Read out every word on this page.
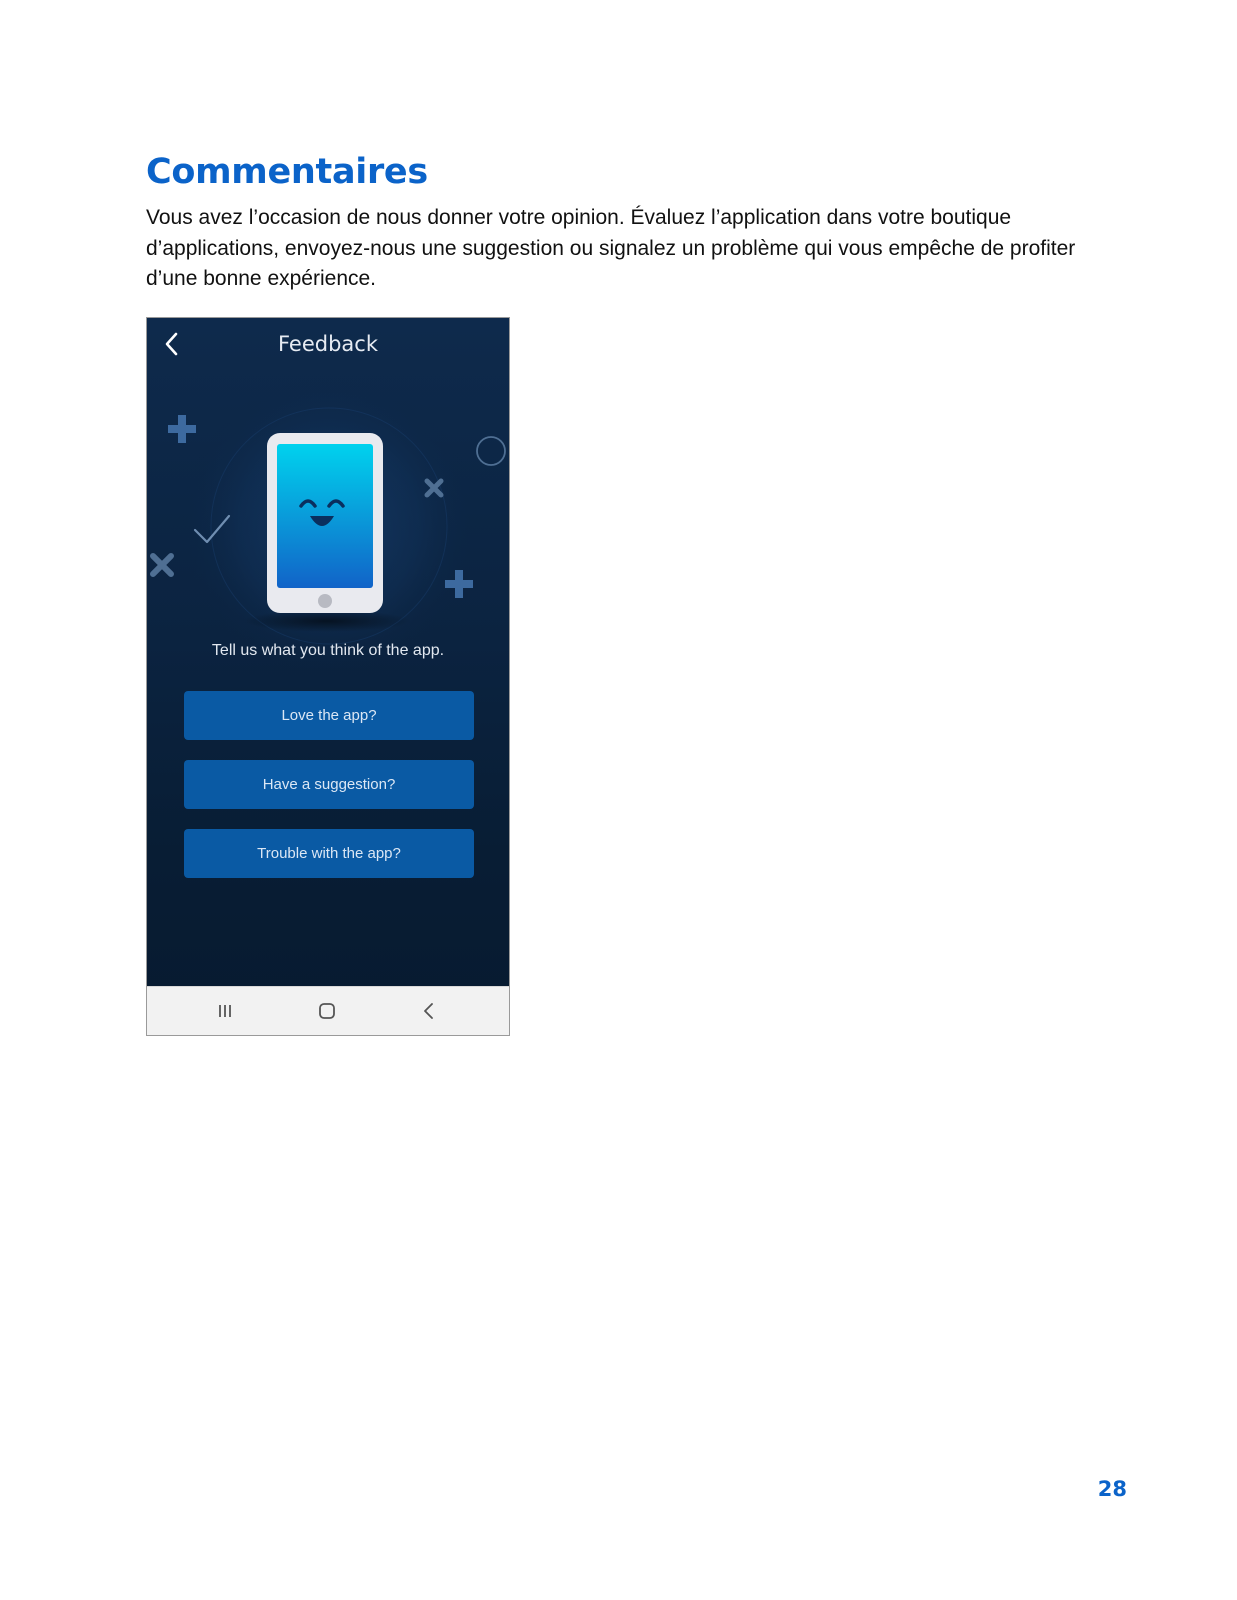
Commentaires

Vous avez l’occasion de nous donner votre opinion. Évaluez l’application dans votre boutique d’applications, envoyez-nous une suggestion ou signalez un problème qui vous empêche de profiter d’une bonne expérience.

Feedback
Tell us what you think of the app.
Love the app?
Have a suggestion?
Trouble with the app?
28
